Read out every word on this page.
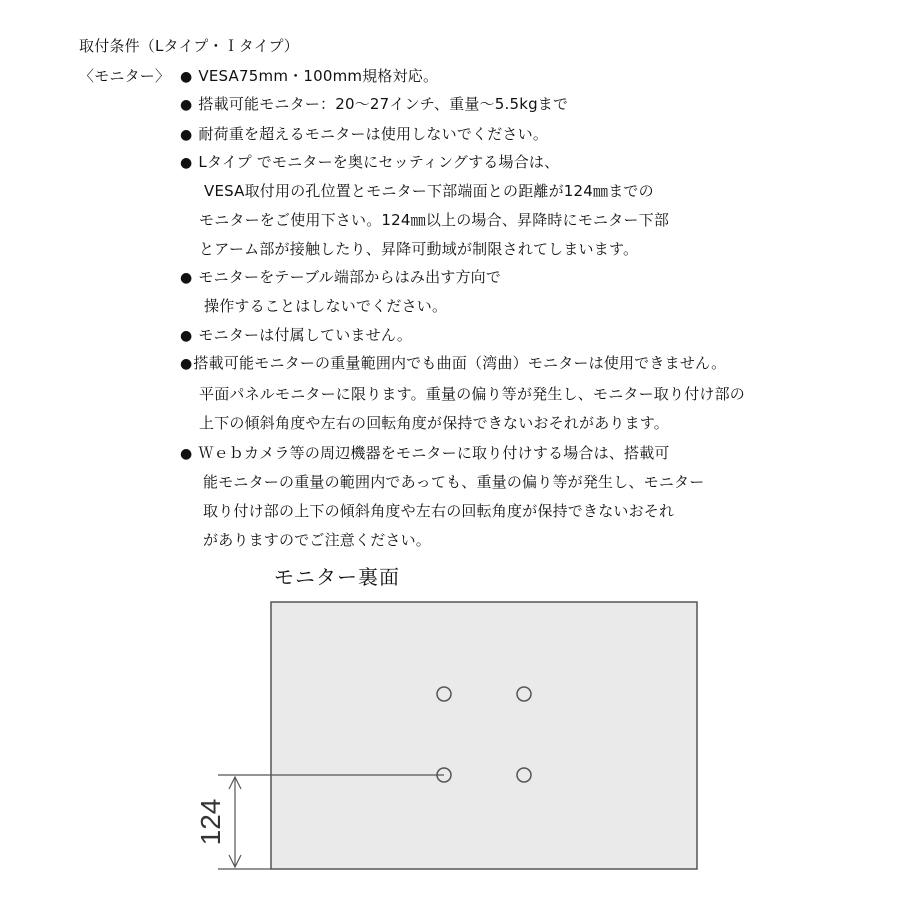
取付条件（Lタイプ・Ｉタイプ）
〈モニター〉 ● VESA75mm・100mm規格対応。
● 搭載可能モニター：20～27インチ、重量～5.5kgまで
● 耐荷重を超えるモニターは使用しないでください。
● Lタイプ でモニターを奥にセッティングする場合は、
VESA取付用の孔位置とモニター下部端面との距離が124㎜までの
モニターをご使用下さい。124㎜以上の場合、昇降時にモニター下部
とアーム部が接触したり、昇降可動域が制限されてしまいます。
● モニターをテーブル端部からはみ出す方向で
操作することはしないでください。
● モニターは付属していません。
●搭載可能モニターの重量範囲内でも曲面（湾曲）モニターは使用できません。
平面パネルモニターに限ります。重量の偏り等が発生し、モニター取り付け部の
上下の傾斜角度や左右の回転角度が保持できないおそれがあります。
● Ｗｅｂカメラ等の周辺機器をモニターに取り付けする場合は、搭載可
能モニターの重量の範囲内であっても、重量の偏り等が発生し、モニター
取り付け部の上下の傾斜角度や左右の回転角度が保持できないおそれ
がありますのでご注意ください。
モニター裏面
124
